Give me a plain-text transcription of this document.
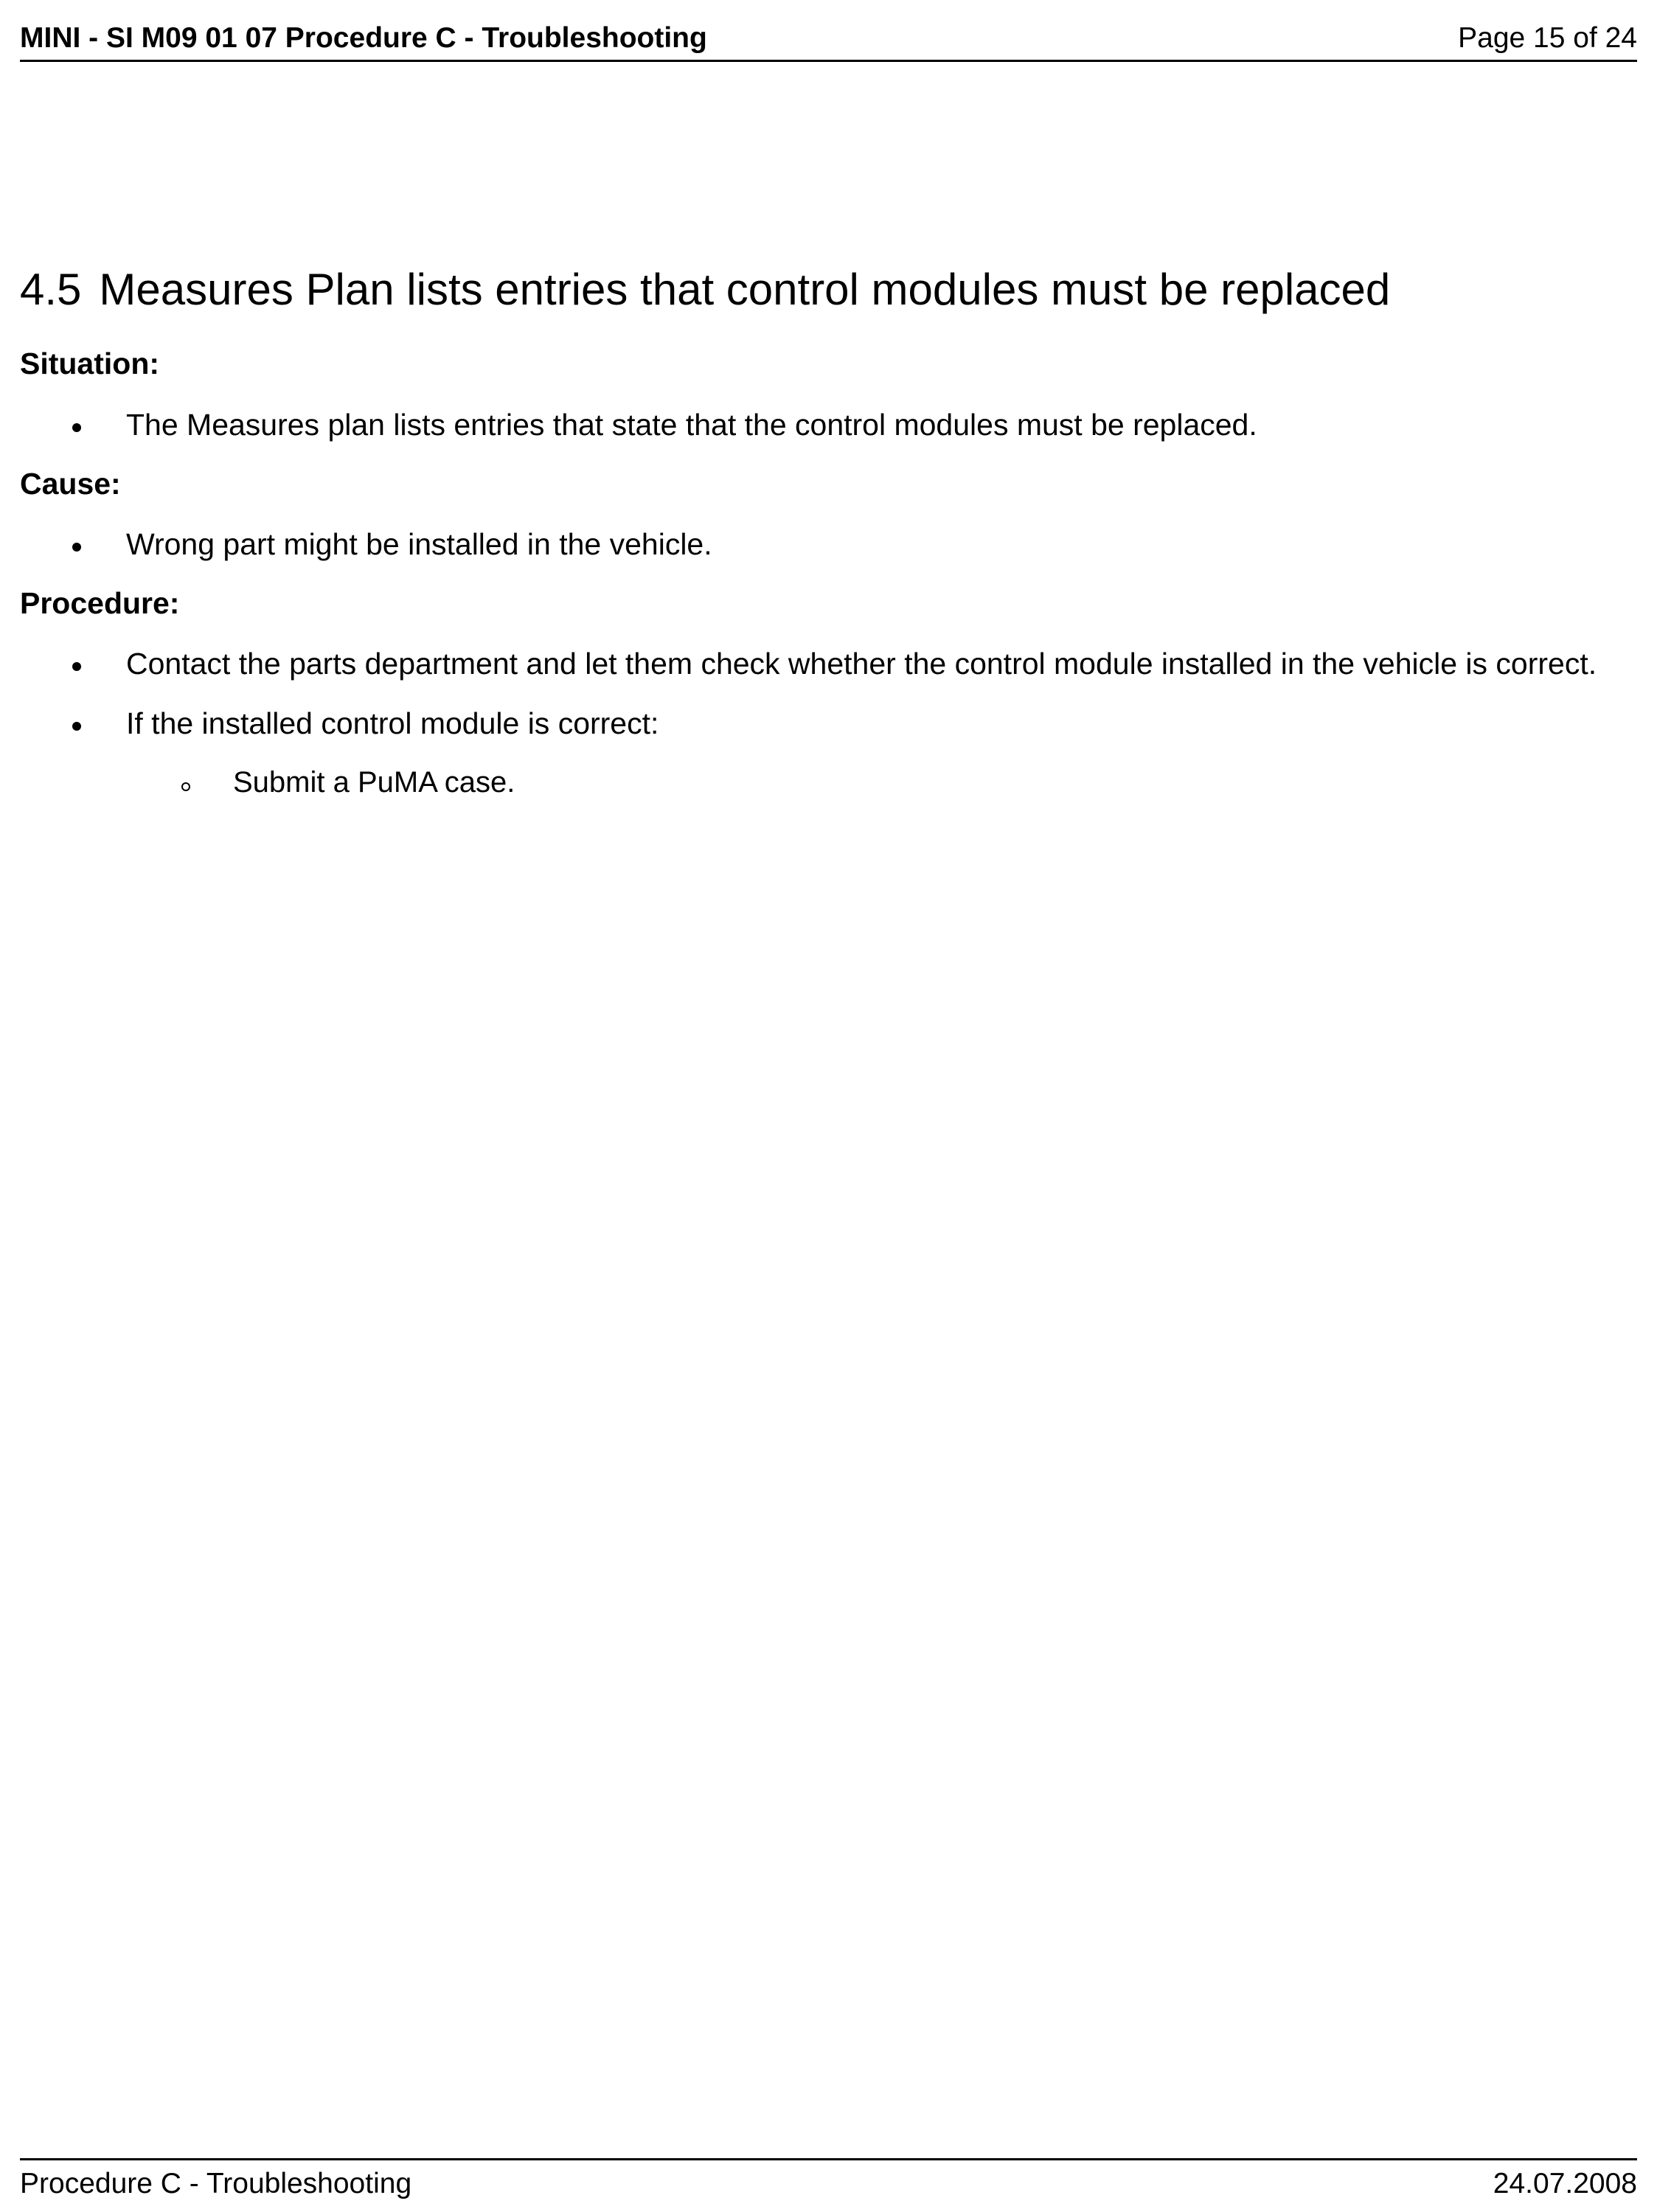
MINI - SI M09 01 07 Procedure C - Troubleshooting	Page 15 of 24
4.5 Measures Plan lists entries that control modules must be replaced
Situation:
The Measures plan lists entries that state that the control modules must be replaced.
Cause:
Wrong part might be installed in the vehicle.
Procedure:
Contact the parts department and let them check whether the control module installed in the vehicle is correct.
If the installed control module is correct:
Submit a PuMA case.
Procedure C - Troubleshooting	24.07.2008
